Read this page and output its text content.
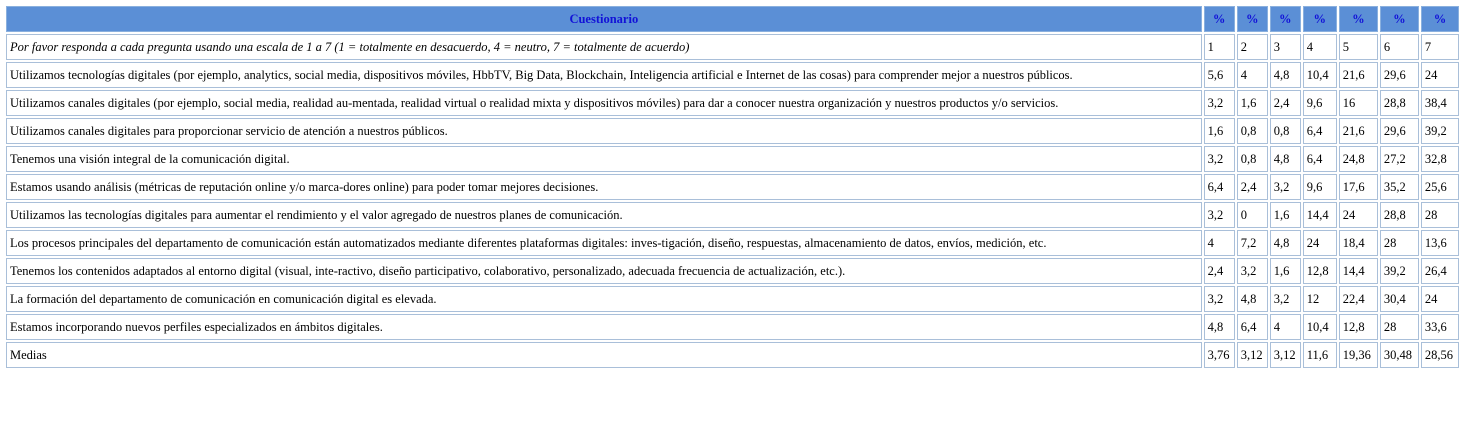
Cuestionario	%	%	%	%	%	%	%
Por favor responda a cada pregunta usando una escala de 1 a 7 (1 = totalmente en desacuerdo, 4 = neutro, 7 = totalmente de acuerdo)	1	2	3	4	5	6	7
Utilizamos tecnologías digitales (por ejemplo, analytics, social media, dispositivos móviles, HbbTV, Big Data, Blockchain, Inteligencia artificial e Internet de las cosas) para comprender mejor a nuestros públicos.	5,6	4	4,8	10,4	21,6	29,6	24
Utilizamos canales digitales (por ejemplo, social media, realidad au-mentada, realidad virtual o realidad mixta y dispositivos móviles) para dar a conocer nuestra organización y nuestros productos y/o servicios.	3,2	1,6	2,4	9,6	16	28,8	38,4
Utilizamos canales digitales para proporcionar servicio de atención a nuestros públicos.	1,6	0,8	0,8	6,4	21,6	29,6	39,2
Tenemos una visión integral de la comunicación digital.	3,2	0,8	4,8	6,4	24,8	27,2	32,8
Estamos usando análisis (métricas de reputación online y/o marca-dores online) para poder tomar mejores decisiones.	6,4	2,4	3,2	9,6	17,6	35,2	25,6
Utilizamos las tecnologías digitales para aumentar el rendimiento y el valor agregado de nuestros planes de comunicación.	3,2	0	1,6	14,4	24	28,8	28
Los procesos principales del departamento de comunicación están automatizados mediante diferentes plataformas digitales: inves-tigación, diseño, respuestas, almacenamiento de datos, envíos, medición, etc.	4	7,2	4,8	24	18,4	28	13,6
Tenemos los contenidos adaptados al entorno digital (visual, inte-ractivo, diseño participativo, colaborativo, personalizado, adecuada frecuencia de actualización, etc.).	2,4	3,2	1,6	12,8	14,4	39,2	26,4
La formación del departamento de comunicación en comunicación digital es elevada.	3,2	4,8	3,2	12	22,4	30,4	24
Estamos incorporando nuevos perfiles especializados en ámbitos digitales.	4,8	6,4	4	10,4	12,8	28	33,6
Medias	3,76	3,12	3,12	11,6	19,36	30,48	28,56
